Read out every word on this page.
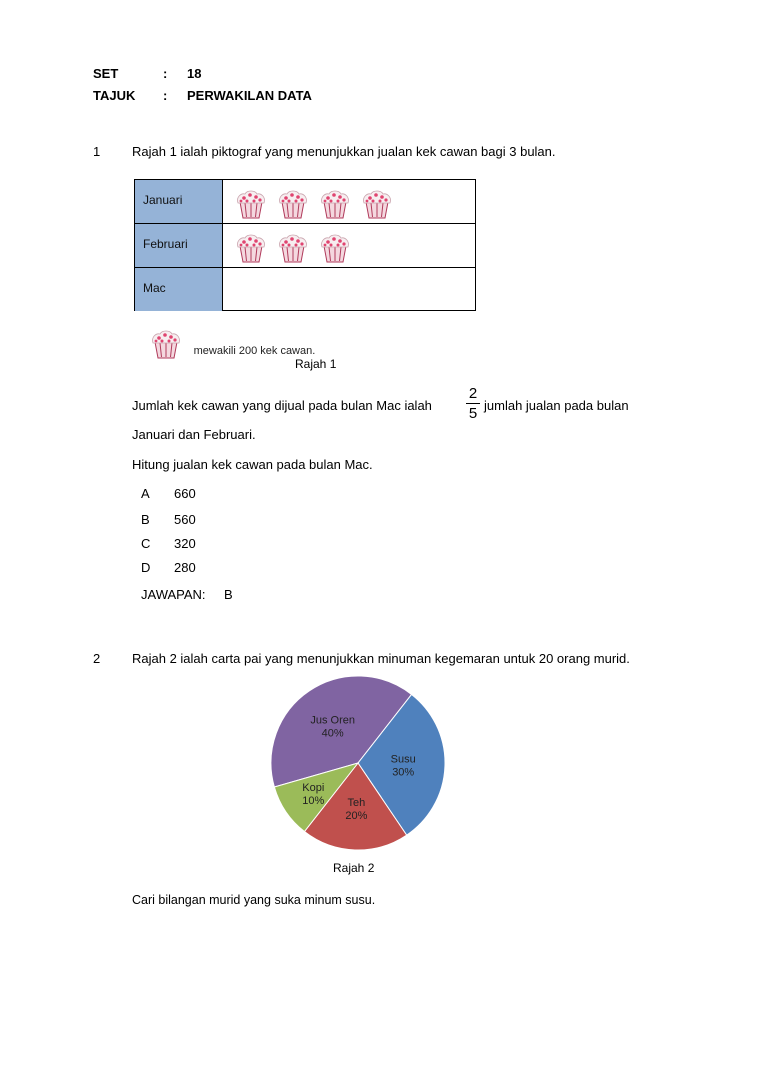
SET	: 18
TAJUK : PERWAKILAN DATA
1 Rajah 1 ialah piktograf yang menunjukkan jualan kek cawan bagi 3 bulan.
Januari
Februari
Mac
$_{mewakili 200 kek cawan.}$
Rajah 1
Jumlah kek cawan yang dijual pada bulan Mac ialah
2
5 jumlah jualan pada bulan
Januari dan Februari.
Hitung jualan kek cawan pada bulan Mac.
A 660
B 560
C 320
D 280
JAWAPAN: B
2 Rajah 2 ialah carta pai yang menunjukkan minuman kegemaran untuk 20 orang murid.
Jus Oren
40%
Susu
30%
Teh
20%
Kopi
10%
Rajah 2
Cari bilangan murid yang suka minum susu.
